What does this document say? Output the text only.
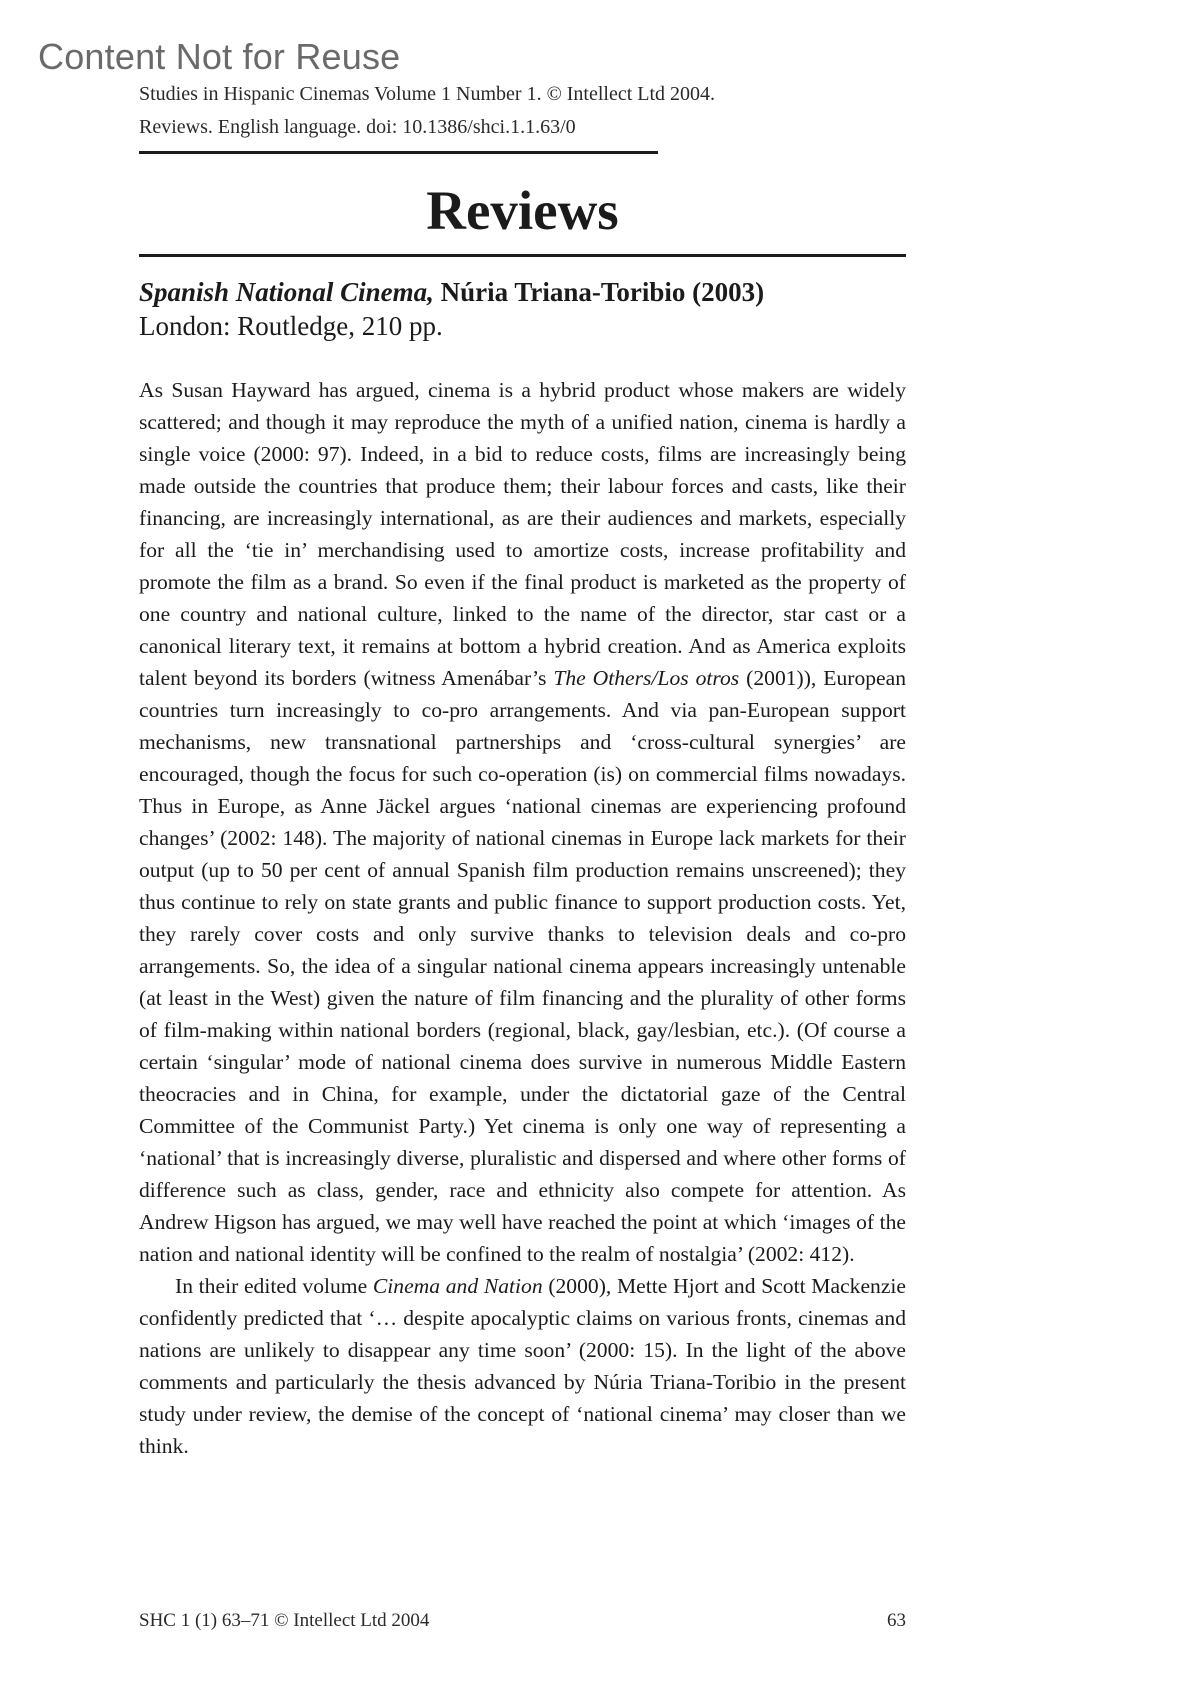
Content Not for Reuse
Studies in Hispanic Cinemas Volume 1 Number 1. © Intellect Ltd 2004.
Reviews. English language. doi: 10.1386/shci.1.1.63/0
Reviews
Spanish National Cinema, Núria Triana-Toribio (2003)
London: Routledge, 210 pp.

As Susan Hayward has argued, cinema is a hybrid product whose makers are widely scattered; and though it may reproduce the myth of a unified nation, cinema is hardly a single voice (2000: 97). Indeed, in a bid to reduce costs, films are increasingly being made outside the countries that produce them; their labour forces and casts, like their financing, are increasingly international, as are their audiences and markets, especially for all the ‘tie in’ merchandising used to amortize costs, increase profitability and promote the film as a brand. So even if the final product is marketed as the property of one country and national culture, linked to the name of the director, star cast or a canonical literary text, it remains at bottom a hybrid creation. And as America exploits talent beyond its borders (witness Amenábar’s The Others/Los otros (2001)), European countries turn increasingly to co-pro arrangements. And via pan-European support mechanisms, new transnational partnerships and ‘cross-cultural synergies’ are encouraged, though the focus for such co-operation (is) on commercial films nowadays. Thus in Europe, as Anne Jäckel argues ‘national cinemas are experiencing profound changes’ (2002: 148). The majority of national cinemas in Europe lack markets for their output (up to 50 per cent of annual Spanish film production remains unscreened); they thus continue to rely on state grants and public finance to support production costs. Yet, they rarely cover costs and only survive thanks to television deals and co-pro arrangements. So, the idea of a singular national cinema appears increasingly untenable (at least in the West) given the nature of film financing and the plurality of other forms of film-making within national borders (regional, black, gay/lesbian, etc.). (Of course a certain ‘singular’ mode of national cinema does survive in numerous Middle Eastern theocracies and in China, for example, under the dictatorial gaze of the Central Committee of the Communist Party.) Yet cinema is only one way of representing a ‘national’ that is increasingly diverse, pluralistic and dispersed and where other forms of difference such as class, gender, race and ethnicity also compete for attention. As Andrew Higson has argued, we may well have reached the point at which ‘images of the nation and national identity will be confined to the realm of nostalgia’ (2002: 412).

In their edited volume Cinema and Nation (2000), Mette Hjort and Scott Mackenzie confidently predicted that ‘… despite apocalyptic claims on various fronts, cinemas and nations are unlikely to disappear any time soon’ (2000: 15). In the light of the above comments and particularly the thesis advanced by Núria Triana-Toribio in the present study under review, the demise of the concept of ‘national cinema’ may closer than we think.

SHC 1 (1) 63–71 © Intellect Ltd 2004	63
